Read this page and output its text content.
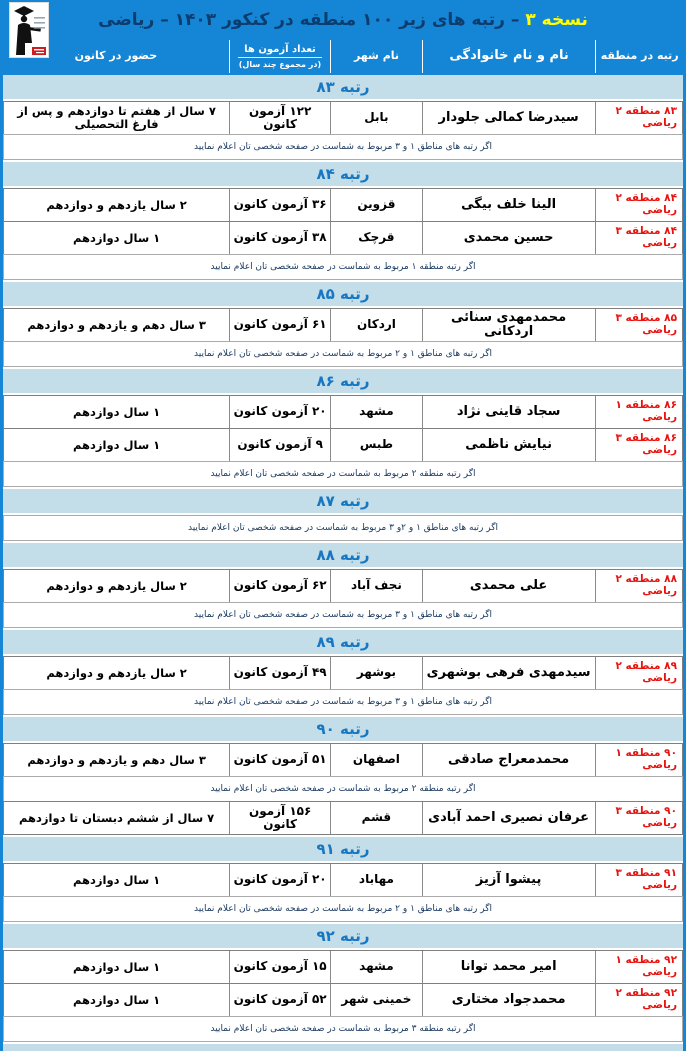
نسخه ۳
– رتبه های زیر ۱۰۰ منطقه در کنکور ۱۴۰۳ – ریاضی
رتبه در منطقه
نام و نام خانوادگی
نام شهر
تعداد آزمون ها
(در مجموع چند سال)
حضور در کانون
رتبه ۸۳
۸۳ منطقه ۲ ریاضی
سیدرضا کمالی جلودار
بابل
۱۲۲ آزمون کانون
۷ سال از هفتم تا دوازدهم و پس از فارغ التحصیلی
اگر رتبه های مناطق ۱ و ۳ مربوط به شماست در صفحه شخصی تان اعلام نمایید
رتبه ۸۴
۸۴ منطقه ۲ ریاضی
الینا خلف بیگی
قزوین
۳۶ آزمون کانون
۲ سال یازدهم و دوازدهم
۸۴ منطقه ۳ ریاضی
حسین محمدی
قرچک
۳۸ آزمون کانون
۱ سال دوازدهم
اگر رتبه منطقه ۱ مربوط به شماست در صفحه شخصی تان اعلام نمایید
رتبه ۸۵
۸۵ منطقه ۳ ریاضی
محمدمهدی سنائی اردکانی
اردکان
۶۱ آزمون کانون
۳ سال دهم و یازدهم و دوازدهم
اگر رتبه های مناطق ۱ و ۲ مربوط به شماست در صفحه شخصی تان اعلام نمایید
رتبه ۸۶
۸۶ منطقه ۱ ریاضی
سجاد قاینی نژاد
مشهد
۲۰ آزمون کانون
۱ سال دوازدهم
۸۶ منطقه ۳ ریاضی
نیایش ناظمی
طبس
۹ آزمون کانون
۱ سال دوازدهم
اگر رتبه منطقه ۲ مربوط به شماست در صفحه شخصی تان اعلام نمایید
رتبه ۸۷
اگر رتبه های مناطق ۱ و ۲و ۳ مربوط به شماست در صفحه شخصی تان اعلام نمایید
رتبه ۸۸
۸۸ منطقه ۲ ریاضی
علی محمدی
نجف آباد
۶۲ آزمون کانون
۲ سال یازدهم و دوازدهم
اگر رتبه های مناطق ۱ و ۳ مربوط به شماست در صفحه شخصی تان اعلام نمایید
رتبه ۸۹
۸۹ منطقه ۲ ریاضی
سیدمهدی فرهی بوشهری
بوشهر
۴۹ آزمون کانون
۲ سال یازدهم و دوازدهم
اگر رتبه های مناطق ۱ و ۳ مربوط به شماست در صفحه شخصی تان اعلام نمایید
رتبه ۹۰
۹۰ منطقه ۱ ریاضی
محمدمعراج صادقی
اصفهان
۵۱ آزمون کانون
۳ سال دهم و یازدهم و دوازدهم
اگر رتبه منطقه ۲ مربوط به شماست در صفحه شخصی تان اعلام نمایید
۹۰ منطقه ۳ ریاضی
عرفان نصیری احمد آبادی
قشم
۱۵۶ آزمون کانون
۷ سال از ششم دبستان تا دوازدهم
رتبه ۹۱
۹۱ منطقه ۳ ریاضی
پیشوا آزیز
مهاباد
۲۰ آزمون کانون
۱ سال دوازدهم
اگر رتبه های مناطق ۱ و ۲ مربوط به شماست در صفحه شخصی تان اعلام نمایید
رتبه ۹۲
۹۲ منطقه ۱ ریاضی
امیر محمد توانا
مشهد
۱۵ آزمون کانون
۱ سال دوازدهم
۹۲ منطقه ۲ ریاضی
محمدجواد مختاری
خمینی شهر
۵۲ آزمون کانون
۱ سال دوازدهم
اگر رتبه منطقه ۳ مربوط به شماست در صفحه شخصی تان اعلام نمایید
